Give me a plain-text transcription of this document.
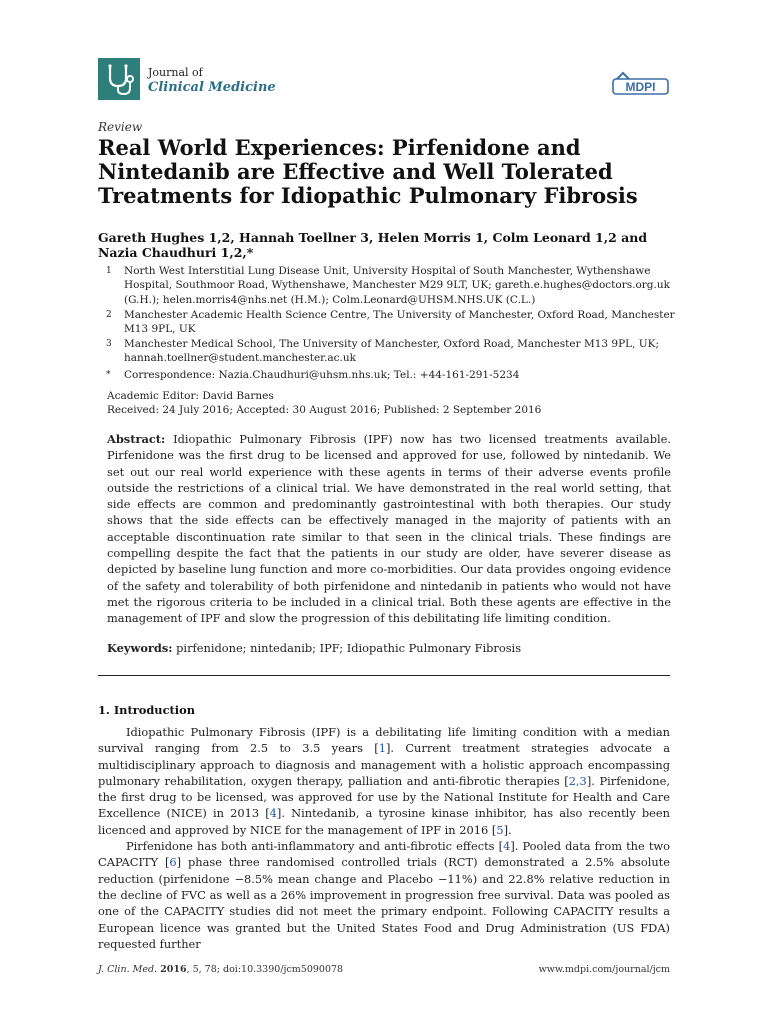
Journal of
Clinical Medicine	MDPI
Review
Real World Experiences: Pirfenidone and Nintedanib are Effective and Well Tolerated Treatments for Idiopathic Pulmonary Fibrosis
Gareth Hughes 1,2, Hannah Toellner 3, Helen Morris 1, Colm Leonard 1,2 and
Nazia Chaudhuri 1,2,*
1 North West Interstitial Lung Disease Unit, University Hospital of South Manchester, Wythenshawe Hospital, Southmoor Road, Wythenshawe, Manchester M29 9LT, UK; gareth.e.hughes@doctors.org.uk (G.H.); helen.morris4@nhs.net (H.M.); Colm.Leonard@UHSM.NHS.UK (C.L.)
2 Manchester Academic Health Science Centre, The University of Manchester, Oxford Road, Manchester M13 9PL, UK
3 Manchester Medical School, The University of Manchester, Oxford Road, Manchester M13 9PL, UK; hannah.toellner@student.manchester.ac.uk
* Correspondence: Nazia.Chaudhuri@uhsm.nhs.uk; Tel.: +44-161-291-5234
Academic Editor: David Barnes
Received: 24 July 2016; Accepted: 30 August 2016; Published: 2 September 2016
Abstract: Idiopathic Pulmonary Fibrosis (IPF) now has two licensed treatments available. Pirfenidone was the first drug to be licensed and approved for use, followed by nintedanib. We set out our real world experience with these agents in terms of their adverse events profile outside the restrictions of a clinical trial. We have demonstrated in the real world setting, that side effects are common and predominantly gastrointestinal with both therapies. Our study shows that the side effects can be effectively managed in the majority of patients with an acceptable discontinuation rate similar to that seen in the clinical trials. These findings are compelling despite the fact that the patients in our study are older, have severer disease as depicted by baseline lung function and more co-morbidities. Our data provides ongoing evidence of the safety and tolerability of both pirfenidone and nintedanib in patients who would not have met the rigorous criteria to be included in a clinical trial. Both these agents are effective in the management of IPF and slow the progression of this debilitating life limiting condition.
Keywords: pirfenidone; nintedanib; IPF; Idiopathic Pulmonary Fibrosis
1. Introduction

Idiopathic Pulmonary Fibrosis (IPF) is a debilitating life limiting condition with a median survival ranging from 2.5 to 3.5 years [1]. Current treatment strategies advocate a multidisciplinary approach to diagnosis and management with a holistic approach encompassing pulmonary rehabilitation, oxygen therapy, palliation and anti-fibrotic therapies [2,3]. Pirfenidone, the first drug to be licensed, was approved for use by the National Institute for Health and Care Excellence (NICE) in 2013 [4]. Nintedanib, a tyrosine kinase inhibitor, has also recently been licenced and approved by NICE for the management of IPF in 2016 [5].

Pirfenidone has both anti-inflammatory and anti-fibrotic effects [4]. Pooled data from the two CAPACITY [6] phase three randomised controlled trials (RCT) demonstrated a 2.5% absolute reduction (pirfenidone −8.5% mean change and Placebo −11%) and 22.8% relative reduction in the decline of FVC as well as a 26% improvement in progression free survival. Data was pooled as one of the CAPACITY studies did not meet the primary endpoint. Following CAPACITY results a European licence was granted but the United States Food and Drug Administration (US FDA) requested further

J. Clin. Med. 2016, 5, 78; doi:10.3390/jcm5090078	www.mdpi.com/journal/jcm
